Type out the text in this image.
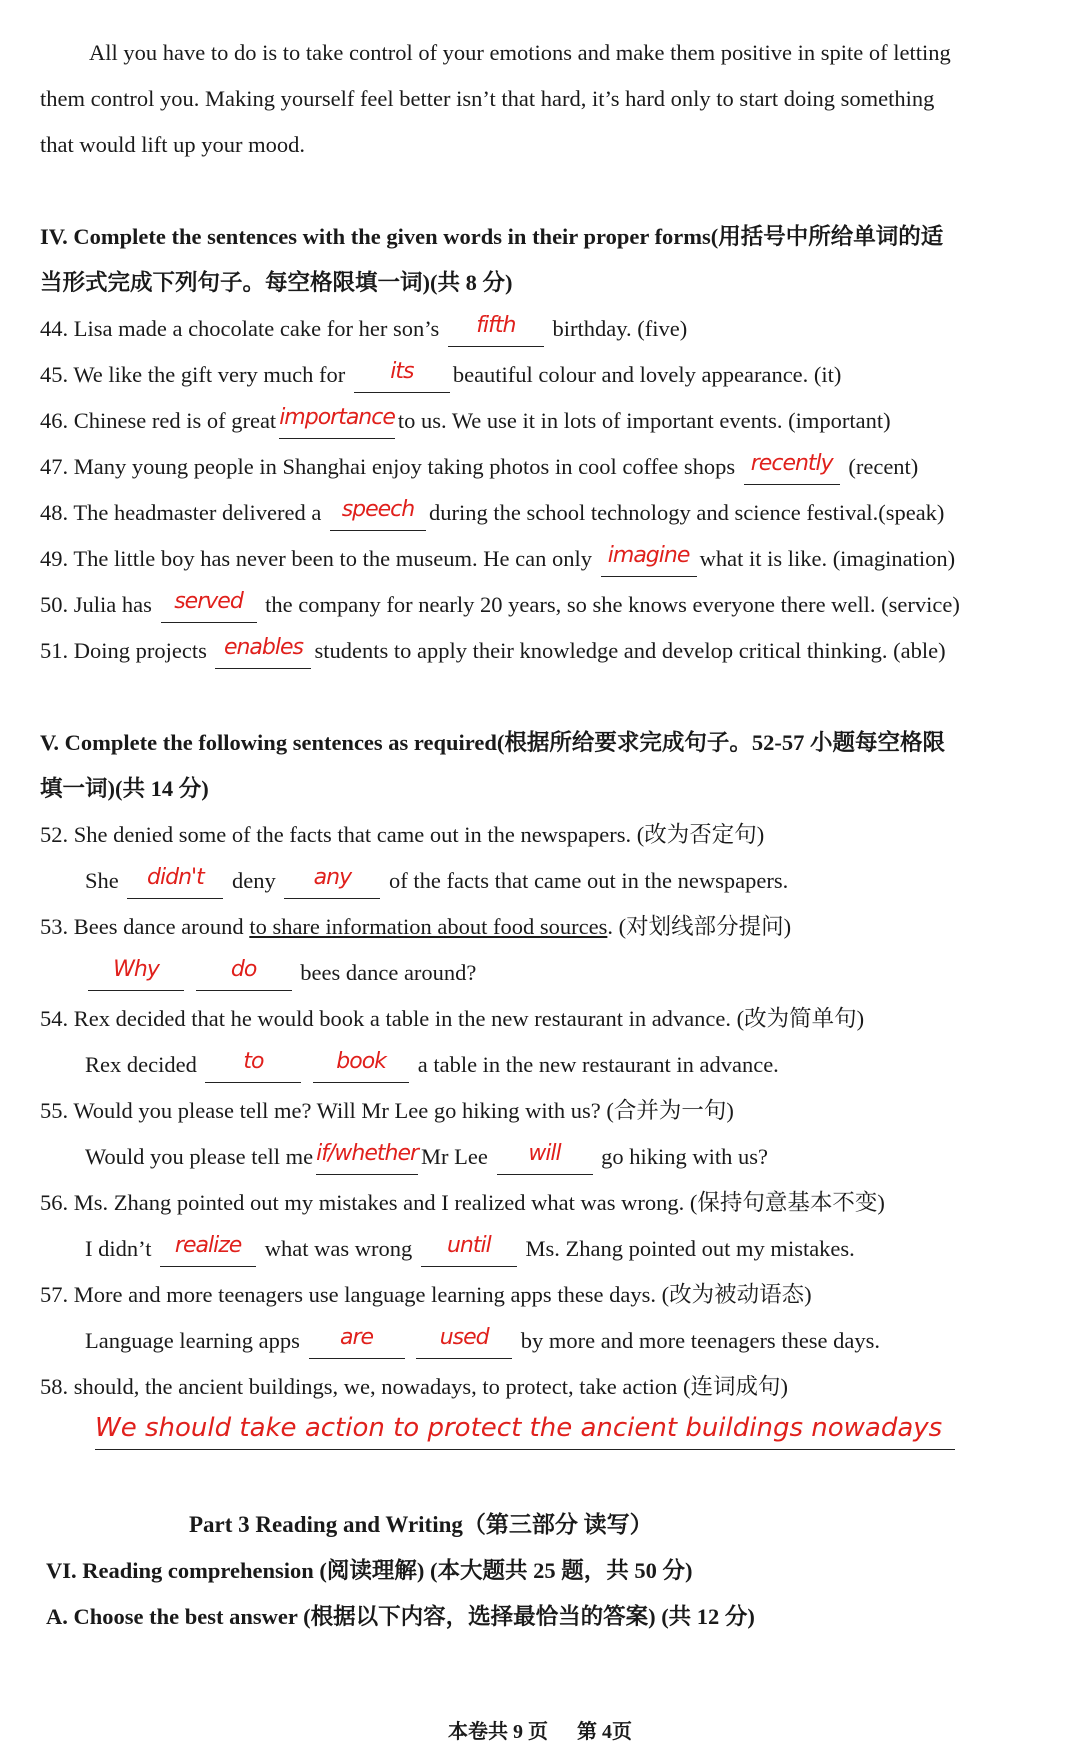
All you have to do is to take control of your emotions and make them positive in spite of letting
them control you. Making yourself feel better isn’t that hard, it’s hard only to start doing something
that would lift up your mood.
IV. Complete the sentences with the given words in their proper forms(用括号中所给单词的适
当形式完成下列句子。每空格限填一词)(共 8 分)
44. Lisa made a chocolate cake for her son’s fifth birthday. (five)
45. We like the gift very much for its beautiful colour and lovely appearance. (it)
46. Chinese red is of great importance to us. We use it in lots of important events. (important)
47. Many young people in Shanghai enjoy taking photos in cool coffee shops recently (recent)
48. The headmaster delivered a speech during the school technology and science festival.(speak)
49. The little boy has never been to the museum. He can only imagine what it is like. (imagination)
50. Julia has served the company for nearly 20 years, so she knows everyone there well. (service)
51. Doing projects enables students to apply their knowledge and develop critical thinking. (able)
V. Complete the following sentences as required(根据所给要求完成句子。52-57 小题每空格限
填一词)(共 14 分)
52. She denied some of the facts that came out in the newspapers. (改为否定句)
She didn't deny any of the facts that came out in the newspapers.
53. Bees dance around to share information about food sources. (对划线部分提问)
Why	do bees dance around?
54. Rex decided that he would book a table in the new restaurant in advance. (改为简单句)
Rex decided to	book a table in the new restaurant in advance.
55. Would you please tell me? Will Mr Lee go hiking with us? (合并为一句)
Would you please tell me if/whether Mr Lee will go hiking with us?
56. Ms. Zhang pointed out my mistakes and I realized what was wrong. (保持句意基本不变)
I didn’t realize what was wrong until Ms. Zhang pointed out my mistakes.
57. More and more teenagers use language learning apps these days. (改为被动语态)
Language learning apps are	used by more and more teenagers these days.
58. should, the ancient buildings, we, nowadays, to protect, take action (连词成句)
We should take action to protect the ancient buildings nowadays
Part 3 Reading and Writing（第三部分 读写）
VI. Reading comprehension (阅读理解) (本大题共 25 题，共 50 分)
A. Choose the best answer (根据以下内容，选择最恰当的答案) (共 12 分)
本卷共 9 页 第 4页
